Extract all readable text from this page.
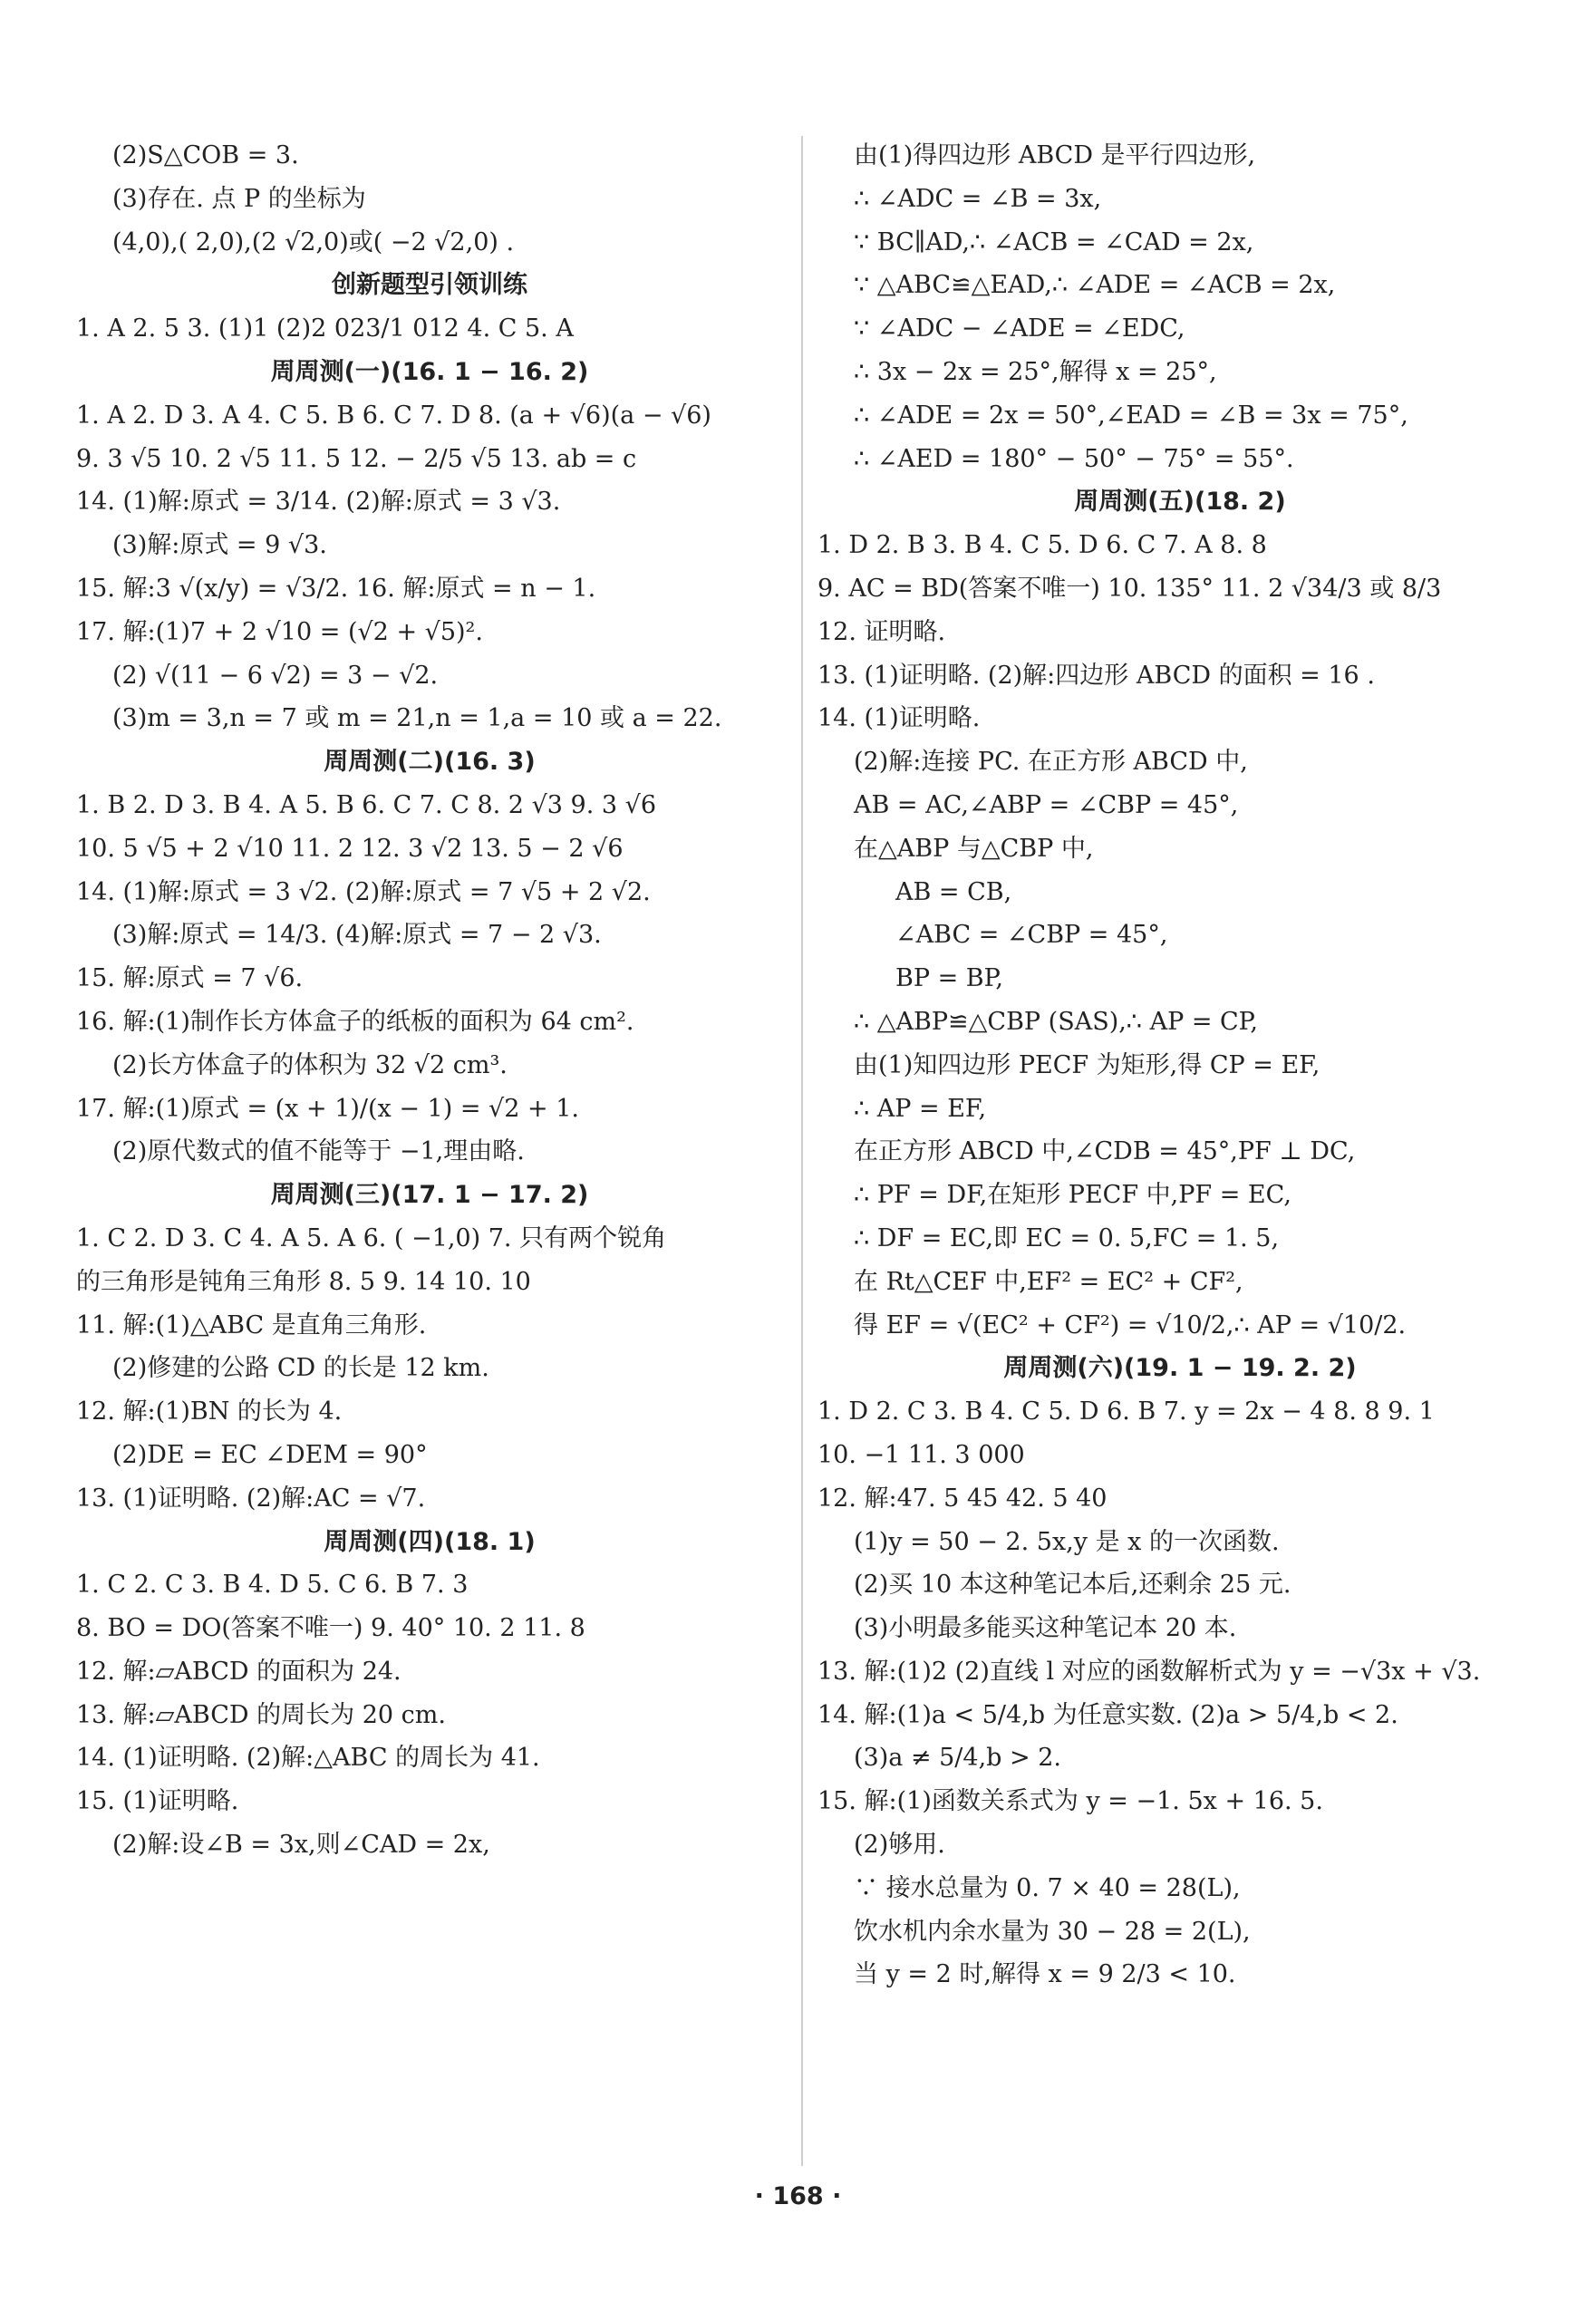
(2)S△COB = 3.
(3)存在. 点 P 的坐标为
(4,0),( 2,0),(2 √2,0)或( −2 √2,0) .
创新题型引领训练
1. A 2. 5 3. (1)1 (2)2 023/1 012 4. C 5. A
周周测(一)(16. 1 − 16. 2)
1. A 2. D 3. A 4. C 5. B 6. C 7. D 8. (a + √6)(a − √6)
9. 3 √5 10. 2 √5 11. 5 12. − 2/5 √5 13. ab = c
14. (1)解:原式 = 3/14. (2)解:原式 = 3 √3.
(3)解:原式 = 9 √3.
15. 解:3 √(x/y) = √3/2. 16. 解:原式 = n − 1.
17. 解:(1)7 + 2 √10 = (√2 + √5)².
(2) √(11 − 6 √2) = 3 − √2.
(3)m = 3,n = 7 或 m = 21,n = 1,a = 10 或 a = 22.
周周测(二)(16. 3)
1. B 2. D 3. B 4. A 5. B 6. C 7. C 8. 2 √3 9. 3 √6
10. 5 √5 + 2 √10 11. 2 12. 3 √2 13. 5 − 2 √6
14. (1)解:原式 = 3 √2. (2)解:原式 = 7 √5 + 2 √2.
(3)解:原式 = 14/3. (4)解:原式 = 7 − 2 √3.
15. 解:原式 = 7 √6.
16. 解:(1)制作长方体盒子的纸板的面积为 64 cm².
(2)长方体盒子的体积为 32 √2 cm³.
17. 解:(1)原式 = (x + 1)/(x − 1) = √2 + 1.
(2)原代数式的值不能等于 −1,理由略.
周周测(三)(17. 1 − 17. 2)
1. C 2. D 3. C 4. A 5. A 6. ( −1,0) 7. 只有两个锐角
的三角形是钝角三角形 8. 5 9. 14 10. 10
11. 解:(1)△ABC 是直角三角形.
(2)修建的公路 CD 的长是 12 km.
12. 解:(1)BN 的长为 4.
(2)DE = EC ∠DEM = 90°
13. (1)证明略. (2)解:AC = √7.
周周测(四)(18. 1)
1. C 2. C 3. B 4. D 5. C 6. B 7. 3
8. BO = DO(答案不唯一) 9. 40° 10. 2 11. 8
12. 解:▱ABCD 的面积为 24.
13. 解:▱ABCD 的周长为 20 cm.
14. (1)证明略. (2)解:△ABC 的周长为 41.
15. (1)证明略.
(2)解:设∠B = 3x,则∠CAD = 2x,
由(1)得四边形 ABCD 是平行四边形,
∴ ∠ADC = ∠B = 3x,
∵ BC∥AD,∴ ∠ACB = ∠CAD = 2x,
∵ △ABC≌△EAD,∴ ∠ADE = ∠ACB = 2x,
∵ ∠ADC − ∠ADE = ∠EDC,
∴ 3x − 2x = 25°,解得 x = 25°,
∴ ∠ADE = 2x = 50°,∠EAD = ∠B = 3x = 75°,
∴ ∠AED = 180° − 50° − 75° = 55°.
周周测(五)(18. 2)
1. D 2. B 3. B 4. C 5. D 6. C 7. A 8. 8
9. AC = BD(答案不唯一) 10. 135° 11. 2 √34/3 或 8/3
12. 证明略.
13. (1)证明略. (2)解:四边形 ABCD 的面积 = 16 .
14. (1)证明略.
(2)解:连接 PC. 在正方形 ABCD 中,
AB = AC,∠ABP = ∠CBP = 45°,
在△ABP 与△CBP 中,
AB = CB,
∠ABC = ∠CBP = 45°,
BP = BP,
∴ △ABP≌△CBP (SAS),∴ AP = CP,
由(1)知四边形 PECF 为矩形,得 CP = EF,
∴ AP = EF,
在正方形 ABCD 中,∠CDB = 45°,PF ⊥ DC,
∴ PF = DF,在矩形 PECF 中,PF = EC,
∴ DF = EC,即 EC = 0. 5,FC = 1. 5,
在 Rt△CEF 中,EF² = EC² + CF²,
得 EF = √(EC² + CF²) = √10/2,∴ AP = √10/2.
周周测(六)(19. 1 − 19. 2. 2)
1. D 2. C 3. B 4. C 5. D 6. B 7. y = 2x − 4 8. 8 9. 1
10. −1 11. 3 000
12. 解:47. 5 45 42. 5 40
(1)y = 50 − 2. 5x,y 是 x 的一次函数.
(2)买 10 本这种笔记本后,还剩余 25 元.
(3)小明最多能买这种笔记本 20 本.
13. 解:(1)2 (2)直线 l 对应的函数解析式为 y = −√3x + √3.
14. 解:(1)a < 5/4,b 为任意实数. (2)a > 5/4,b < 2.
(3)a ≠ 5/4,b > 2.
15. 解:(1)函数关系式为 y = −1. 5x + 16. 5.
(2)够用.
∵ 接水总量为 0. 7 × 40 = 28(L),
饮水机内余水量为 30 − 28 = 2(L),
当 y = 2 时,解得 x = 9 2/3 < 10.
· 168 ·
